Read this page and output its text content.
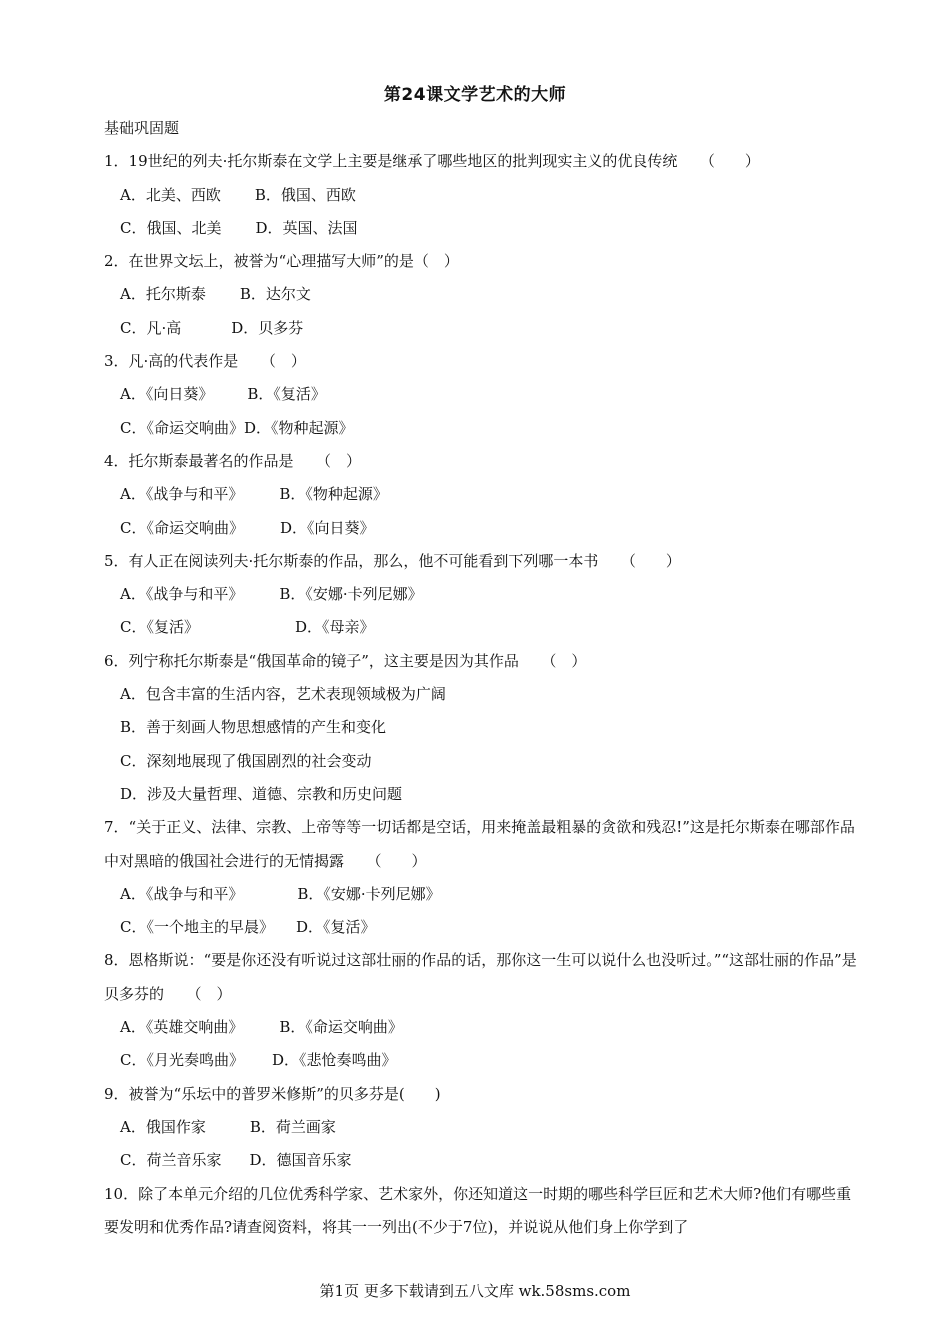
第24课文学艺术的大师
基础巩固题
1．19世纪的列夫·托尔斯泰在文学上主要是继承了哪些地区的批判现实主义的优良传统　　（　　）
A．北美、西欧 B．俄国、西欧
C．俄国、北美 D．英国、法国
2．在世界文坛上，被誉为“心理描写大师”的是（　）
A．托尔斯泰 B．达尔文
C．凡·高	D．贝多芬
3．凡·高的代表作是　　（　）
A．《向日葵》 B．《复活》
C．《命运交响曲》D．《物种起源》
4．托尔斯泰最著名的作品是　　（　）
A．《战争与和平》 B．《物种起源》
C．《命运交响曲》 D．《向日葵》
5．有人正在阅读列夫·托尔斯泰的作品，那么，他不可能看到下列哪一本书　　（　　）
A．《战争与和平》 B．《安娜·卡列尼娜》
C．《复活》	D．《母亲》
6．列宁称托尔斯泰是“俄国革命的镜子”，这主要是因为其作品　　（　）
A．包含丰富的生活内容，艺术表现领域极为广阔
B．善于刻画人物思想感情的产生和变化
C．深刻地展现了俄国剧烈的社会变动
D．涉及大量哲理、道德、宗教和历史问题
7．“关于正义、法律、宗教、上帝等等一切话都是空话，用来掩盖最粗暴的贪欲和残忍!”这是托尔斯泰在哪部作品中对黑暗的俄国社会进行的无情揭露　　（　　）
A．《战争与和平》	B．《安娜·卡列尼娜》
C．《一个地主的早晨》 D．《复活》
8．恩格斯说：“要是你还没有听说过这部壮丽的作品的话，那你这一生可以说什么也没听过。”“这部壮丽的作品”是贝多芬的　　（　）
A．《英雄交响曲》 B．《命运交响曲》
C．《月光奏鸣曲》 D．《悲怆奏鸣曲》
9．被誉为“乐坛中的普罗米修斯”的贝多芬是(　　)
A．俄国作家	B．荷兰画家
C．荷兰音乐家 D．德国音乐家
10．除了本单元介绍的几位优秀科学家、艺术家外，你还知道这一时期的哪些科学巨匠和艺术大师?他们有哪些重要发明和优秀作品?请查阅资料，将其一一列出(不少于7位)，并说说从他们身上你学到了
第1页 更多下载请到五八文库 wk.58sms.com
